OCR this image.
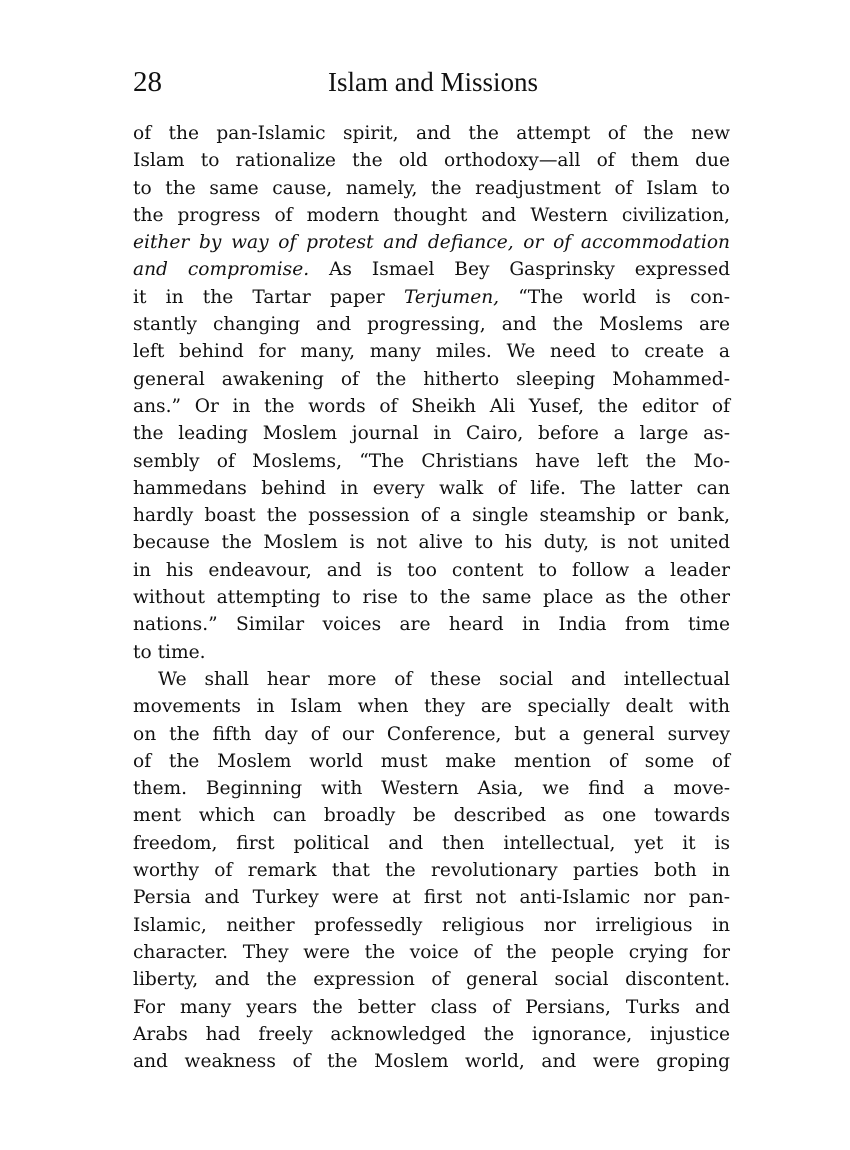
28	Islam and Missions
of the pan-Islamic spirit, and the attempt of the new
Islam to rationalize the old orthodoxy—all of them due
to the same cause, namely, the readjustment of Islam to
the progress of modern thought and Western civilization,
either by way of protest and defiance, or of accommodation
and compromise. As Ismael Bey Gasprinsky expressed
it in the Tartar paper Terjumen, “The world is con-
stantly changing and progressing, and the Moslems are
left behind for many, many miles. We need to create a
general awakening of the hitherto sleeping Mohammed-
ans.” Or in the words of Sheikh Ali Yusef, the editor of
the leading Moslem journal in Cairo, before a large as-
sembly of Moslems, “The Christians have left the Mo-
hammedans behind in every walk of life. The latter can
hardly boast the possession of a single steamship or bank,
because the Moslem is not alive to his duty, is not united
in his endeavour, and is too content to follow a leader
without attempting to rise to the same place as the other
nations.” Similar voices are heard in India from time
to time.
We shall hear more of these social and intellectual
movements in Islam when they are specially dealt with
on the fifth day of our Conference, but a general survey
of the Moslem world must make mention of some of
them. Beginning with Western Asia, we find a move-
ment which can broadly be described as one towards
freedom, first political and then intellectual, yet it is
worthy of remark that the revolutionary parties both in
Persia and Turkey were at first not anti-Islamic nor pan-
Islamic, neither professedly religious nor irreligious in
character. They were the voice of the people crying for
liberty, and the expression of general social discontent.
For many years the better class of Persians, Turks and
Arabs had freely acknowledged the ignorance, injustice
and weakness of the Moslem world, and were groping
